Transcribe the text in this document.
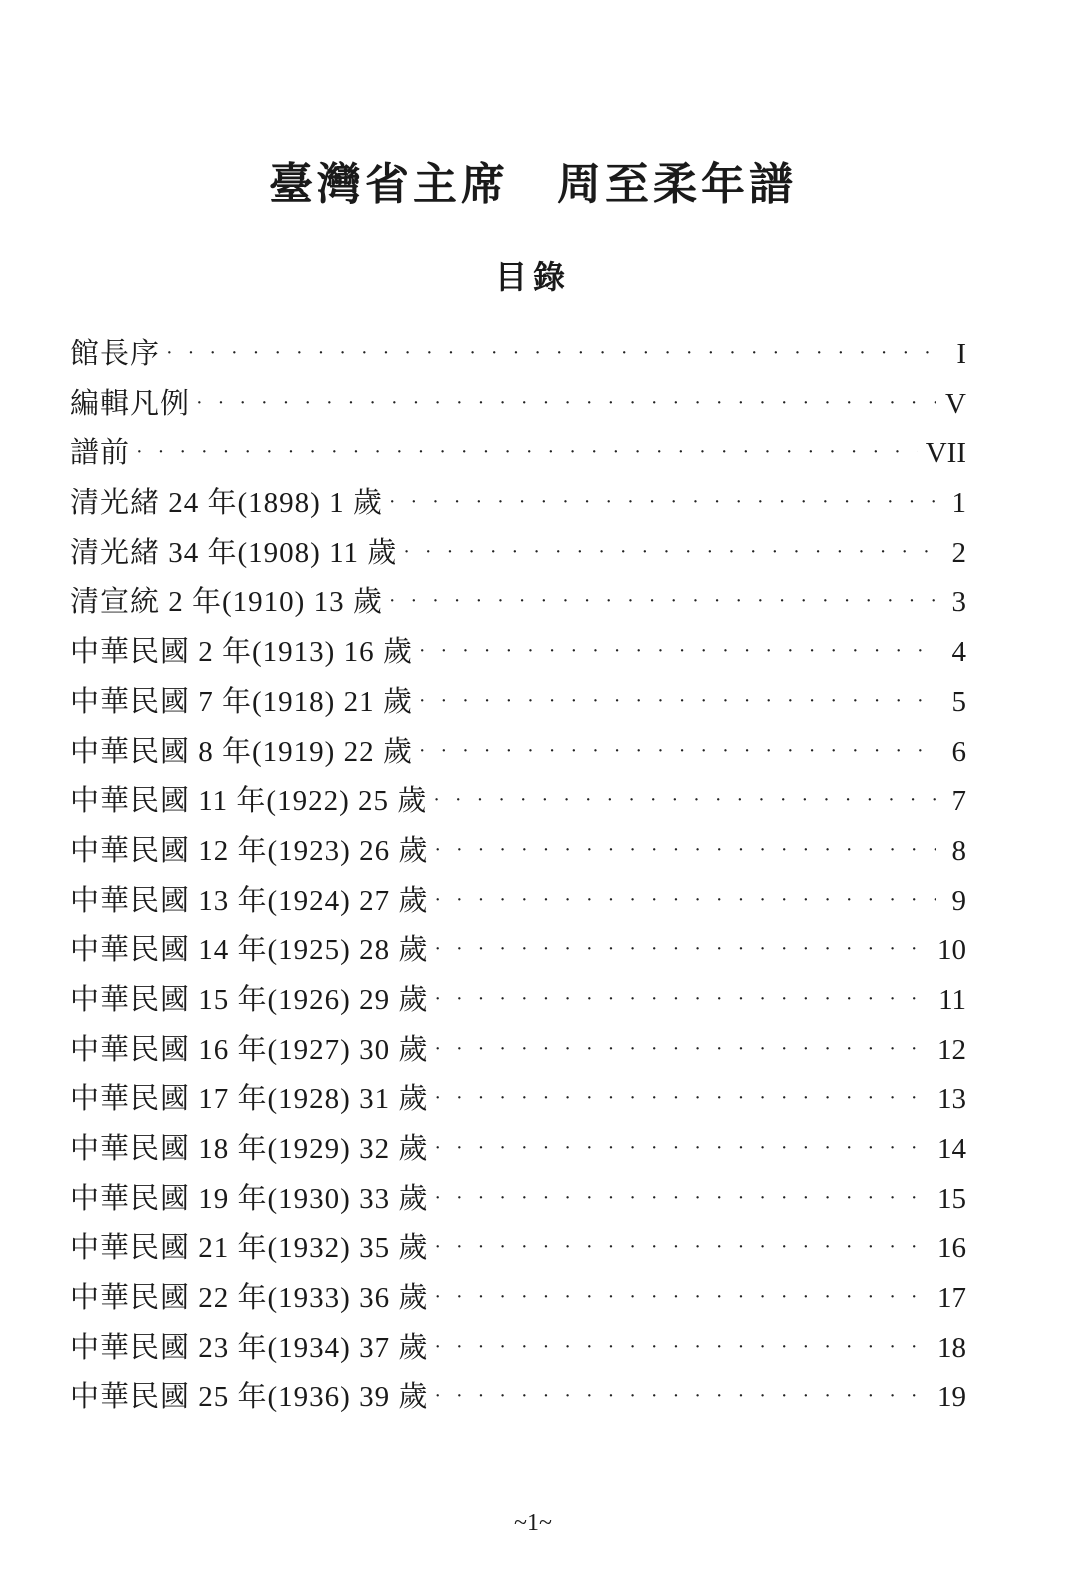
臺灣省主席　周至柔年譜
目錄
館長序 · · ·	I
編輯凡例 · · ·	V
譜前 · · ·	VII
清光緒 24 年(1898) 1 歲 · · ·	1
清光緒 34 年(1908) 11 歲 · · ·	2
清宣統 2 年(1910) 13 歲 · · ·	3
中華民國 2 年(1913) 16 歲 · · ·	4
中華民國 7 年(1918) 21 歲 · · ·	5
中華民國 8 年(1919) 22 歲 · · ·	6
中華民國 11 年(1922) 25 歲 · · ·	7
中華民國 12 年(1923) 26 歲 · · ·	8
中華民國 13 年(1924) 27 歲 · · ·	9
中華民國 14 年(1925) 28 歲 · · ·	10
中華民國 15 年(1926) 29 歲 · · ·	11
中華民國 16 年(1927) 30 歲 · · ·	12
中華民國 17 年(1928) 31 歲 · · ·	13
中華民國 18 年(1929) 32 歲 · · ·	14
中華民國 19 年(1930) 33 歲 · · ·	15
中華民國 21 年(1932) 35 歲 · · ·	16
中華民國 22 年(1933) 36 歲 · · ·	17
中華民國 23 年(1934) 37 歲 · · ·	18
中華民國 25 年(1936) 39 歲 · · ·	19
~1~
